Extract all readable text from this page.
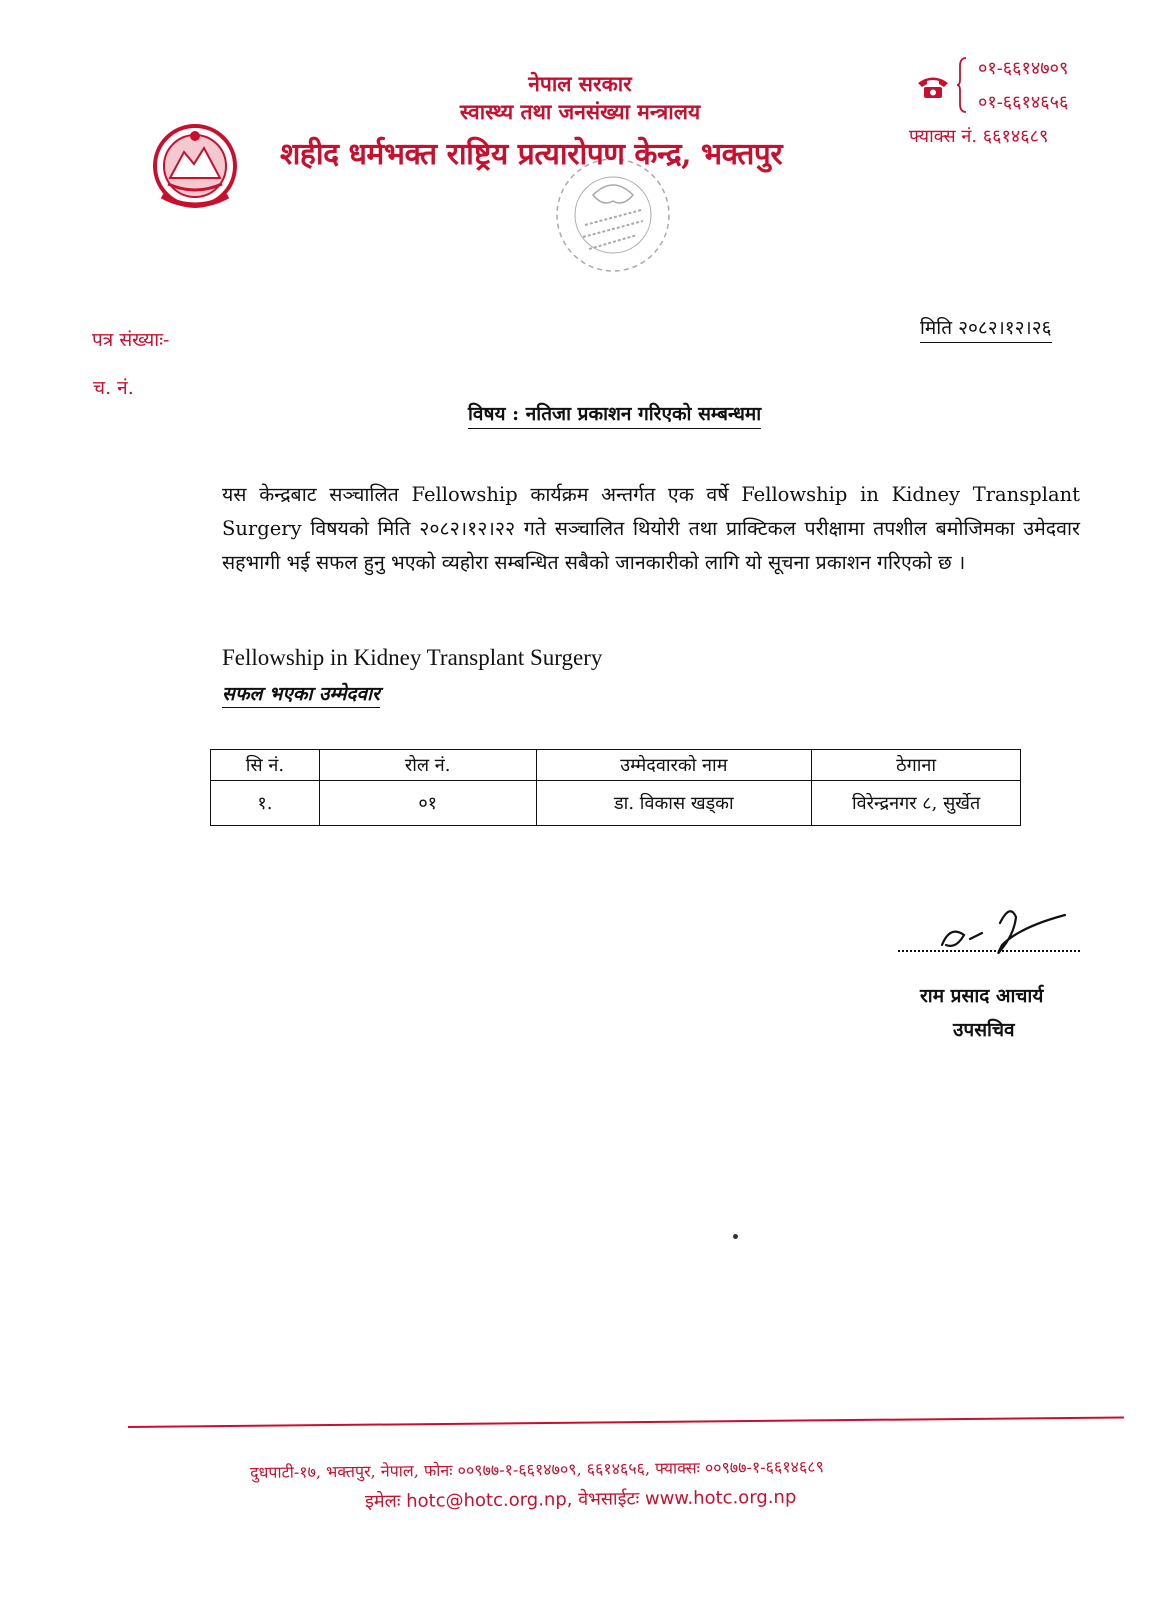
नेपाल सरकार
स्वास्थ्य तथा जनसंख्या मन्त्रालय
शहीद धर्मभक्त राष्ट्रिय प्रत्यारोपण केन्द्र, भक्तपुर
०१-६६१४७०९
०१-६६१४६५६
फ्याक्स नं. ६६१४६८९
पत्र संख्याः-
च. नं.
मिति २०८२।१२।२६
विषय : नतिजा प्रकाशन गरिएको सम्बन्धमा
यस केन्द्रबाट सञ्चालित Fellowship कार्यक्रम अन्तर्गत एक वर्षे Fellowship in Kidney Transplant Surgery विषयको मिति २०८२।१२।२२ गते सञ्चालित थियोरी तथा प्राक्टिकल परीक्षामा तपशील बमोजिमका उमेदवार सहभागी भई सफल हुनु भएको व्यहोरा सम्बन्धित सबैको जानकारीको लागि यो सूचना प्रकाशन गरिएको छ ।
Fellowship in Kidney Transplant Surgery
सफल भएका उम्मेदवार
सि नं.	रोल नं.	उम्मेदवारको नाम	ठेगाना
१.	०१	डा. विकास खड्का	विरेन्द्रनगर ८, सुर्खेत
राम प्रसाद आचार्य
उपसचिव
दुधपाटी-१७, भक्तपुर, नेपाल, फोनः ००९७७-१-६६१४७०९, ६६१४६५६, फ्याक्सः ००९७७-१-६६१४६८९
इमेलः hotc@hotc.org.np, वेभसाईटः www.hotc.org.np
